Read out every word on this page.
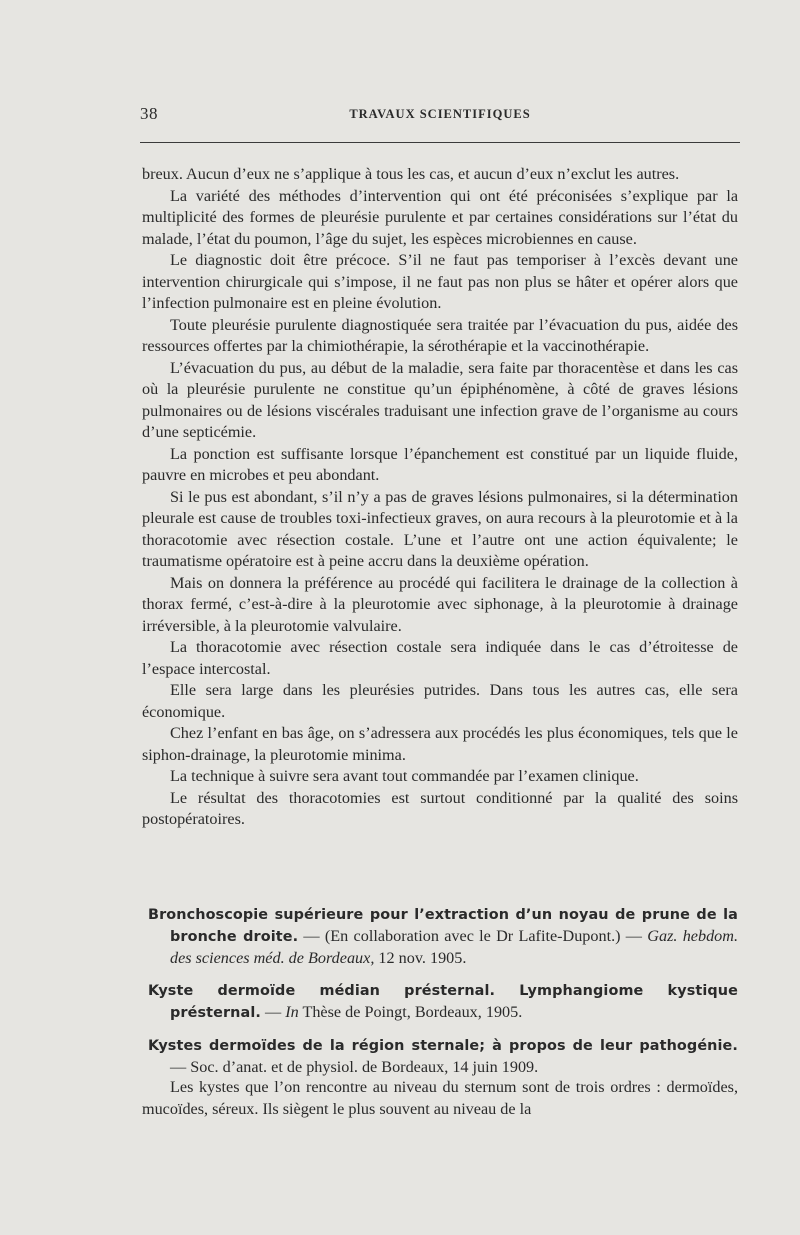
38	TRAVAUX SCIENTIFIQUES

breux. Aucun d’eux ne s’applique à tous les cas, et aucun d’eux n’exclut les autres.

La variété des méthodes d’intervention qui ont été préconisées s’explique par la multiplicité des formes de pleurésie purulente et par certaines considérations sur l’état du malade, l’état du poumon, l’âge du sujet, les espèces microbiennes en cause.

Le diagnostic doit être précoce. S’il ne faut pas temporiser à l’excès devant une intervention chirurgicale qui s’impose, il ne faut pas non plus se hâter et opérer alors que l’infection pulmonaire est en pleine évolution.

Toute pleurésie purulente diagnostiquée sera traitée par l’évacuation du pus, aidée des ressources offertes par la chimiothérapie, la sérothérapie et la vaccinothérapie.

L’évacuation du pus, au début de la maladie, sera faite par thoracentèse et dans les cas où la pleurésie purulente ne constitue qu’un épiphénomène, à côté de graves lésions pulmonaires ou de lésions viscérales traduisant une infection grave de l’organisme au cours d’une septicémie.

La ponction est suffisante lorsque l’épanchement est constitué par un liquide fluide, pauvre en microbes et peu abondant.

Si le pus est abondant, s’il n’y a pas de graves lésions pulmonaires, si la détermination pleurale est cause de troubles toxi-infectieux graves, on aura recours à la pleurotomie et à la thoracotomie avec résection costale. L’une et l’autre ont une action équivalente; le traumatisme opératoire est à peine accru dans la deuxième opération.

Mais on donnera la préférence au procédé qui facilitera le drainage de la collection à thorax fermé, c’est-à-dire à la pleurotomie avec siphonage, à la pleurotomie à drainage irréversible, à la pleurotomie valvulaire.

La thoracotomie avec résection costale sera indiquée dans le cas d’étroitesse de l’espace intercostal.

Elle sera large dans les pleurésies putrides. Dans tous les autres cas, elle sera économique.

Chez l’enfant en bas âge, on s’adressera aux procédés les plus économiques, tels que le siphon-drainage, la pleurotomie minima.

La technique à suivre sera avant tout commandée par l’examen clinique.

Le résultat des thoracotomies est surtout conditionné par la qualité des soins postopératoires.

Bronchoscopie supérieure pour l’extraction d’un noyau de prune de la bronche droite. — (En collaboration avec le Dr Lafite-Dupont.) — Gaz. hebdom. des sciences méd. de Bordeaux, 12 nov. 1905.

Kyste dermoïde médian présternal. Lymphangiome kystique présternal. — In Thèse de Poingt, Bordeaux, 1905.

Kystes dermoïdes de la région sternale; à propos de leur pathogénie. — Soc. d’anat. et de physiol. de Bordeaux, 14 juin 1909.

Les kystes que l’on rencontre au niveau du sternum sont de trois ordres : dermoïdes, mucoïdes, séreux. Ils siègent le plus souvent au niveau de la
